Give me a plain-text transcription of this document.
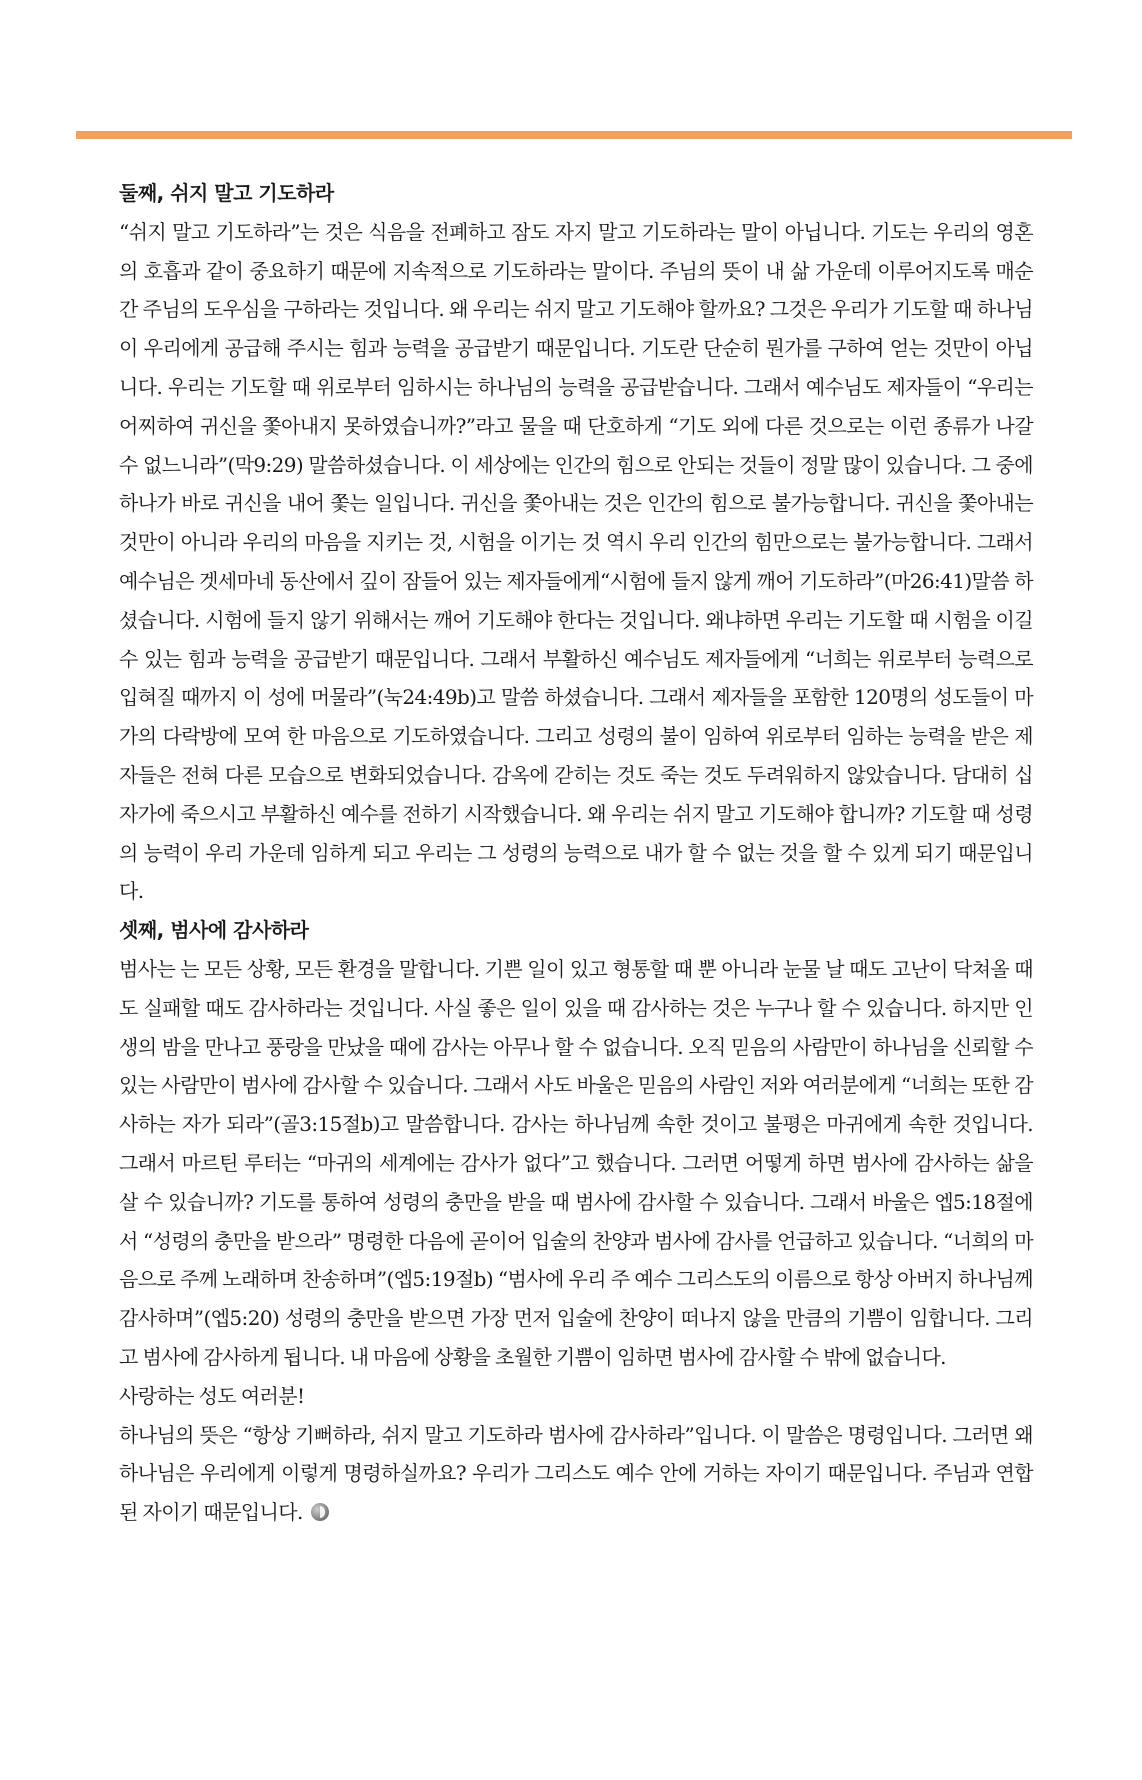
둘째, 쉬지 말고 기도하라

“쉬지 말고 기도하라”는 것은 식음을 전폐하고 잠도 자지 말고 기도하라는 말이 아닙니다. 기도는 우리의 영혼의 호흡과 같이 중요하기 때문에 지속적으로 기도하라는 말이다. 주님의 뜻이 내 삶 가운데 이루어지도록 매순간 주님의 도우심을 구하라는 것입니다. 왜 우리는 쉬지 말고 기도해야 할까요? 그것은 우리가 기도할 때 하나님이 우리에게 공급해 주시는 힘과 능력을 공급받기 때문입니다. 기도란 단순히 뭔가를 구하여 얻는 것만이 아닙니다. 우리는 기도할 때 위로부터 임하시는 하나님의 능력을 공급받습니다. 그래서 예수님도 제자들이 “우리는 어찌하여 귀신을 쫓아내지 못하였습니까?”라고 물을 때 단호하게 “기도 외에 다른 것으로는 이런 종류가 나갈 수 없느니라”(막9:29) 말씀하셨습니다. 이 세상에는 인간의 힘으로 안되는 것들이 정말 많이 있습니다. 그 중에 하나가 바로 귀신을 내어 쫓는 일입니다. 귀신을 쫓아내는 것은 인간의 힘으로 불가능합니다. 귀신을 쫓아내는 것만이 아니라 우리의 마음을 지키는 것, 시험을 이기는 것 역시 우리 인간의 힘만으로는 불가능합니다. 그래서 예수님은 겟세마네 동산에서 깊이 잠들어 있는 제자들에게“시험에 들지 않게 깨어 기도하라”(마26:41)말씀 하셨습니다. 시험에 들지 않기 위해서는 깨어 기도해야 한다는 것입니다. 왜냐하면 우리는 기도할 때 시험을 이길 수 있는 힘과 능력을 공급받기 때문입니다. 그래서 부활하신 예수님도 제자들에게 “너희는 위로부터 능력으로 입혀질 때까지 이 성에 머물라”(눅24:49b)고 말씀 하셨습니다. 그래서 제자들을 포함한 120명의 성도들이 마가의 다락방에 모여 한 마음으로 기도하였습니다. 그리고 성령의 불이 임하여 위로부터 임하는 능력을 받은 제자들은 전혀 다른 모습으로 변화되었습니다. 감옥에 갇히는 것도 죽는 것도 두려워하지 않았습니다. 담대히 십자가에 죽으시고 부활하신 예수를 전하기 시작했습니다. 왜 우리는 쉬지 말고 기도해야 합니까? 기도할 때 성령의 능력이 우리 가운데 임하게 되고 우리는 그 성령의 능력으로 내가 할 수 없는 것을 할 수 있게 되기 때문입니다.

셋째, 범사에 감사하라

범사는 는 모든 상황, 모든 환경을 말합니다. 기쁜 일이 있고 형통할 때 뿐 아니라 눈물 날 때도 고난이 닥쳐올 때도 실패할 때도 감사하라는 것입니다. 사실 좋은 일이 있을 때 감사하는 것은 누구나 할 수 있습니다. 하지만 인생의 밤을 만나고 풍랑을 만났을 때에 감사는 아무나 할 수 없습니다. 오직 믿음의 사람만이 하나님을 신뢰할 수 있는 사람만이 범사에 감사할 수 있습니다. 그래서 사도 바울은 믿음의 사람인 저와 여러분에게 “너희는 또한 감사하는 자가 되라”(골3:15절b)고 말씀합니다. 감사는 하나님께 속한 것이고 불평은 마귀에게 속한 것입니다. 그래서 마르틴 루터는 “마귀의 세계에는 감사가 없다”고 했습니다. 그러면 어떻게 하면 범사에 감사하는 삶을 살 수 있습니까? 기도를 통하여 성령의 충만을 받을 때 범사에 감사할 수 있습니다. 그래서 바울은 엡5:18절에서 “성령의 충만을 받으라” 명령한 다음에 곧이어 입술의 찬양과 범사에 감사를 언급하고 있습니다. “너희의 마음으로 주께 노래하며 찬송하며”(엡5:19절b) “범사에 우리 주 예수 그리스도의 이름으로 항상 아버지 하나님께 감사하며”(엡5:20) 성령의 충만을 받으면 가장 먼저 입술에 찬양이 떠나지 않을 만큼의 기쁨이 임합니다. 그리고 범사에 감사하게 됩니다. 내 마음에 상황을 초월한 기쁨이 임하면 범사에 감사할 수 밖에 없습니다.

사랑하는 성도 여러분!

하나님의 뜻은 “항상 기뻐하라, 쉬지 말고 기도하라 범사에 감사하라”입니다. 이 말씀은 명령입니다. 그러면 왜 하나님은 우리에게 이렇게 명령하실까요? 우리가 그리스도 예수 안에 거하는 자이기 때문입니다. 주님과 연합된 자이기 때문입니다.
